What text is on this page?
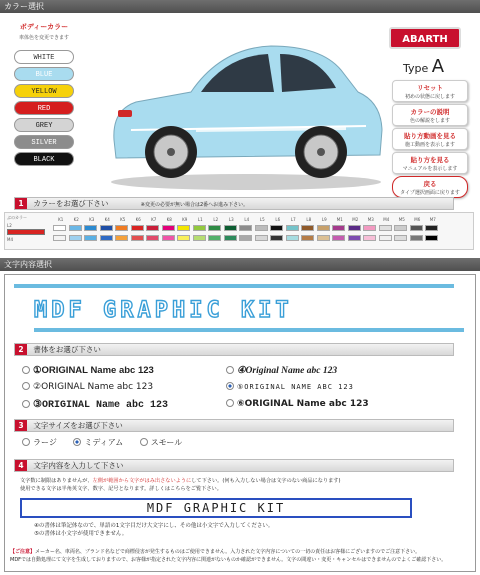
カラー選択
ボディーカラー
車体色を変更できます
WHITE
BLUE
YELLOW
RED
GREY
SILVER
BLACK
ABARTH
Type A
リセット
初めの状態に戻します
カラーの説明
色の解説をします
貼り方動画を見る
施工動画を表示します
貼り方を見る
マニュアルを表示します
戻る
タイプ選択画面に戻ります
1 カラーをお選び下さい	※変更の必要が無い場合は2番へお進み下さい。
ぶのカラー
L2
M4
K1	K2	K3	K4	K5	K6	K7	K8	K9	L1	L2	L3	L4	L5	L6	L7	L8	L9	M1 M2 M3 M4 M5 M6 M7
文字内容選択
MDF GRAPHIC KIT
2 書体をお選び下さい
①ORIGINAL Name abc 123
②ORIGINAL Name abc 123
③ORIGINAL Name abc 123
④Original Name abc 123
⑤ORIGINAL NAME ABC 123
⑥ORIGINAL Name abc 123
3 文字サイズをお選び下さい
ラージ	ミディアム	スモール
4 文字内容を入力して下さい
文字数に制限はありませんが、左側が範囲から文字がはみ出さないようにして下さい。(何も入力しない場合は文字のない商品になります)
使用できる文字は半角英文字、数字、記号となります。詳しくはこちらをご覧下さい。
MDF GRAPHIC KIT
④の書体は筆記体なので、単語の1文字目だけ大文字にし、その他は小文字で入力してください。
⑤の書体は小文字が使用できません。
【ご注意】メーカー名、車両名、ブランド名などで商標侵害が発生するものはご使用できません。入力された文字内容についての一切の責任はお客様にございますのでご注意下さい。
MDFでは自動処理にて文字を生成しておりますので、お客様が指定された文字内容に関連がないものか確認ができません。文字の間違い・変更・キャンセルはできませんのでよくご確認下さい。
